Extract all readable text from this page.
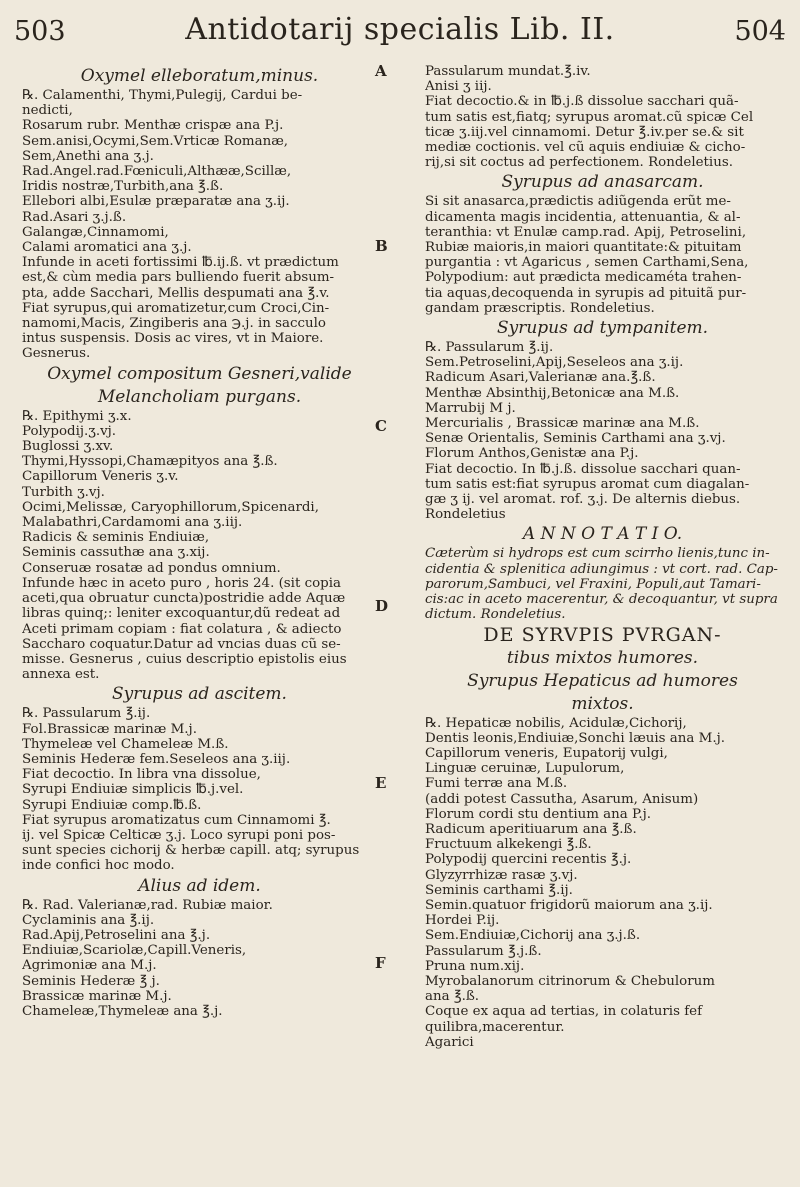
503	Antidotarij specialis Lib. II.	504
A
B
C
D
E
F
Oxymel elleboratum,minus.
℞. Calamenthi, Thymi,Pulegij, Cardui be-
nedicti,
Rosarum rubr. Menthæ crispæ ana P.j.
Sem.anisi,Ocymi,Sem.Vrticæ Romanæ,
Sem,Anethi ana ʒ.j.
Rad.Angel.rad.Fœniculi,Althææ,Scillæ,
Iridis nostræ,Turbith,ana ℥.ß.
Ellebori albi,Esulæ præparatæ ana ʒ.ij.
Rad.Asari ʒ.j.ß.
Galangæ,Cinnamomi,
Calami aromatici ana ʒ.j.
Infunde in aceti fortissimi ℔.ij.ß. vt prædictum
est,& cùm media pars bulliendo fuerit absum-
pta, adde Sacchari, Mellis despumati ana ℥.v.
Fiat syrupus,qui aromatizetur,cum Croci,Cin-
namomi,Macis, Zingiberis ana ℈.j. in sacculo
intus suspensis. Dosis ac vires, vt in Maiore.
Gesnerus.
Oxymel compositum Gesneri,valide
Melancholiam purgans.
℞. Epithymi ʒ.x.
Polypodij.ʒ.vj.
Buglossi ʒ.xv.
Thymi,Hyssopi,Chamæpityos ana ℥.ß.
Capillorum Veneris ʒ.v.
Turbith ʒ.vj.
Ocimi,Melissæ, Caryophillorum,Spicenardi,
Malabathri,Cardamomi ana ʒ.iij.
Radicis & seminis Endiuiæ,
Seminis cassuthæ ana ʒ.xij.
Conseruæ rosatæ ad pondus omnium.
Infunde hæc in aceto puro , horis 24. (sit copia
aceti,qua obruatur cuncta)postridie adde Aquæ
libras quinq;: leniter excoquantur,dũ redeat ad
Aceti primam copiam : fiat colatura , & adiecto
Saccharo coquatur.Datur ad vncias duas cũ se-
misse. Gesnerus , cuius descriptio epistolis eius
annexa est.
Syrupus ad ascitem.
℞. Passularum ℥.ij.
Fol.Brassicæ marinæ M.j.
Thymeleæ vel Chameleæ M.ß.
Seminis Hederæ fem.Seseleos ana ʒ.iij.
Fiat decoctio. In libra vna dissolue,
Syrupi Endiuiæ simplicis ℔.j.vel.
Syrupi Endiuiæ comp.℔.ß.
Fiat syrupus aromatizatus cum Cinnamomi ℥.
ij. vel Spicæ Celticæ ʒ.j. Loco syrupi poni pos-
sunt species cichorij & herbæ capill. atq; syrupus
inde confici hoc modo.
Alius ad idem.
℞. Rad. Valerianæ,rad. Rubiæ maior.
Cyclaminis ana ℥.ij.
Rad.Apij,Petroselini ana ℥.j.
Endiuiæ,Scariolæ,Capill.Veneris,
Agrimoniæ ana M.j.
Seminis Hederæ ℥ j.
Brassicæ marinæ M.j.
Chameleæ,Thymeleæ ana ℥.j.
Passularum mundat.℥.iv.
Anisi ʒ iij.
Fiat decoctio.& in ℔.j.ß dissolue sacchari quã-
tum satis est,fiatq; syrupus aromat.cũ spicæ Cel
ticæ ʒ.iij.vel cinnamomi. Detur ℥.iv.per se.& sit
mediæ coctionis. vel cũ aquis endiuiæ & cicho-
rij,si sit coctus ad perfectionem. Rondeletius.
Syrupus ad anasarcam.
Si sit anasarca,prædictis adiũgenda erũt me-
dicamenta magis incidentia, attenuantia, & al-
teranthia: vt Enulæ camp.rad. Apij, Petroselini,
Rubiæ maioris,in maiori quantitate:& pituitam
purgantia : vt Agaricus , semen Carthami,Sena,
Polypodium: aut prædicta medicaméta trahen-
tia aquas,decoquenda in syrupis ad pituitã pur-
gandam præscriptis. Rondeletius.
Syrupus ad tympanitem.
℞. Passularum ℥.ij.
Sem.Petroselini,Apij,Seseleos ana ʒ.ij.
Radicum Asari,Valerianæ ana.℥.ß.
Menthæ Absinthij,Betonicæ ana M.ß.
Marrubij M j.
Mercurialis , Brassicæ marinæ ana M.ß.
Senæ Orientalis, Seminis Carthami ana ʒ.vj.
Florum Anthos,Genistæ ana P.j.
Fiat decoctio. In ℔.j.ß. dissolue sacchari quan-
tum satis est:fiat syrupus aromat cum diagalan-
gæ ʒ ij. vel aromat. rof. ʒ.j. De alternis diebus.
Rondeletius
A N N O T A T I O.
Cæterùm si hydrops est cum scirrho lienis,tunc in-
cidentia & splenitica adiungimus : vt cort. rad. Cap-
parorum,Sambuci, vel Fraxini, Populi,aut Tamari-
cis:ac in aceto macerentur, & decoquantur, vt supra
dictum. Rondeletius.
DE SYRVPIS PVRGAN-
tibus mixtos humores.
Syrupus Hepaticus ad humores
mixtos.
℞. Hepaticæ nobilis, Acidulæ,Cichorij,
Dentis leonis,Endiuiæ,Sonchi læuis ana M.j.
Capillorum veneris, Eupatorij vulgi,
Linguæ ceruinæ, Lupulorum,
Fumi terræ ana M.ß.
(addi potest Cassutha, Asarum, Anisum)
Florum cordi stu dentium ana P.j.
Radicum aperitiuarum ana ℥.ß.
Fructuum alkekengi ℥.ß.
Polypodij quercini recentis ℥.j.
Glyzyrrhizæ rasæ ʒ.vj.
Seminis carthami ℥.ij.
Semin.quatuor frigidorũ maiorum ana ʒ.ij.
Hordei P.ij.
Sem.Endiuiæ,Cichorij ana ʒ.j.ß.
Passularum ℥.j.ß.
Pruna num.xij.
Myrobalanorum citrinorum & Chebulorum
ana ℥.ß.
Coque ex aqua ad tertias, in colaturis fef
quilibra,macerentur.
Agarici
